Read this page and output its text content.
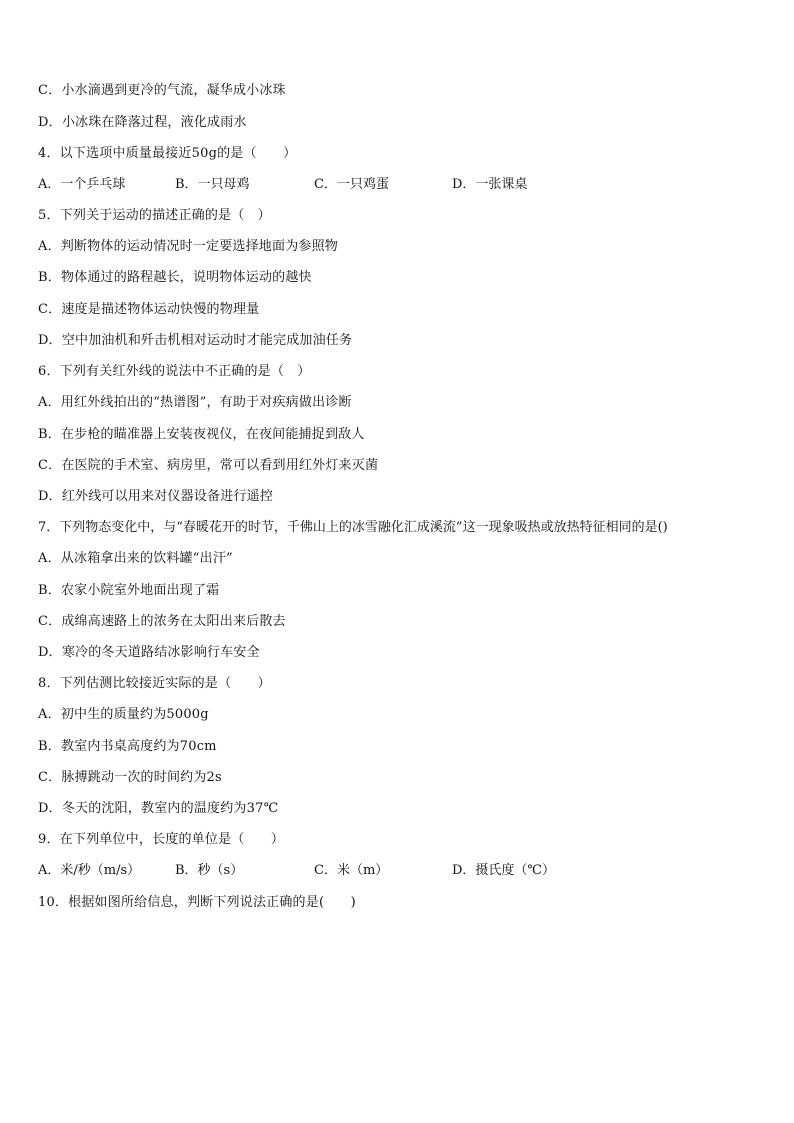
C．小水滴遇到更冷的气流，凝华成小冰珠
D．小冰珠在降落过程，液化成雨水
4．以下选项中质量最接近50g的是（　　）
A．一个乒乓球	B．一只母鸡	C．一只鸡蛋	D．一张课桌
5．下列关于运动的描述正确的是（　）
A．判断物体的运动情况时一定要选择地面为参照物
B．物体通过的路程越长，说明物体运动的越快
C．速度是描述物体运动快慢的物理量
D．空中加油机和歼击机相对运动时才能完成加油任务
6．下列有关红外线的说法中不正确的是（　）
A．用红外线拍出的“热谱图”，有助于对疾病做出诊断
B．在步枪的瞄准器上安装夜视仪，在夜间能捕捉到敌人
C．在医院的手术室、病房里，常可以看到用红外灯来灭菌
D．红外线可以用来对仪器设备进行遥控
7．下列物态变化中，与“春暖花开的时节，千佛山上的冰雪融化汇成溪流”这一现象吸热或放热特征相同的是()
A．从冰箱拿出来的饮料罐“出汗”
B．农家小院室外地面出现了霜
C．成绵高速路上的浓务在太阳出来后散去
D．寒冷的冬天道路结冰影响行车安全
8．下列估测比较接近实际的是（　　）
A．初中生的质量约为5000g
B．教室内书桌高度约为70cm
C．脉搏跳动一次的时间约为2s
D．冬天的沈阳，教室内的温度约为37℃
9．在下列单位中，长度的单位是（　　）
A．米/秒（m/s）	B．秒（s）	C．米（m）	D．摄氏度（℃）
10．根据如图所给信息，判断下列说法正确的是(　　)
